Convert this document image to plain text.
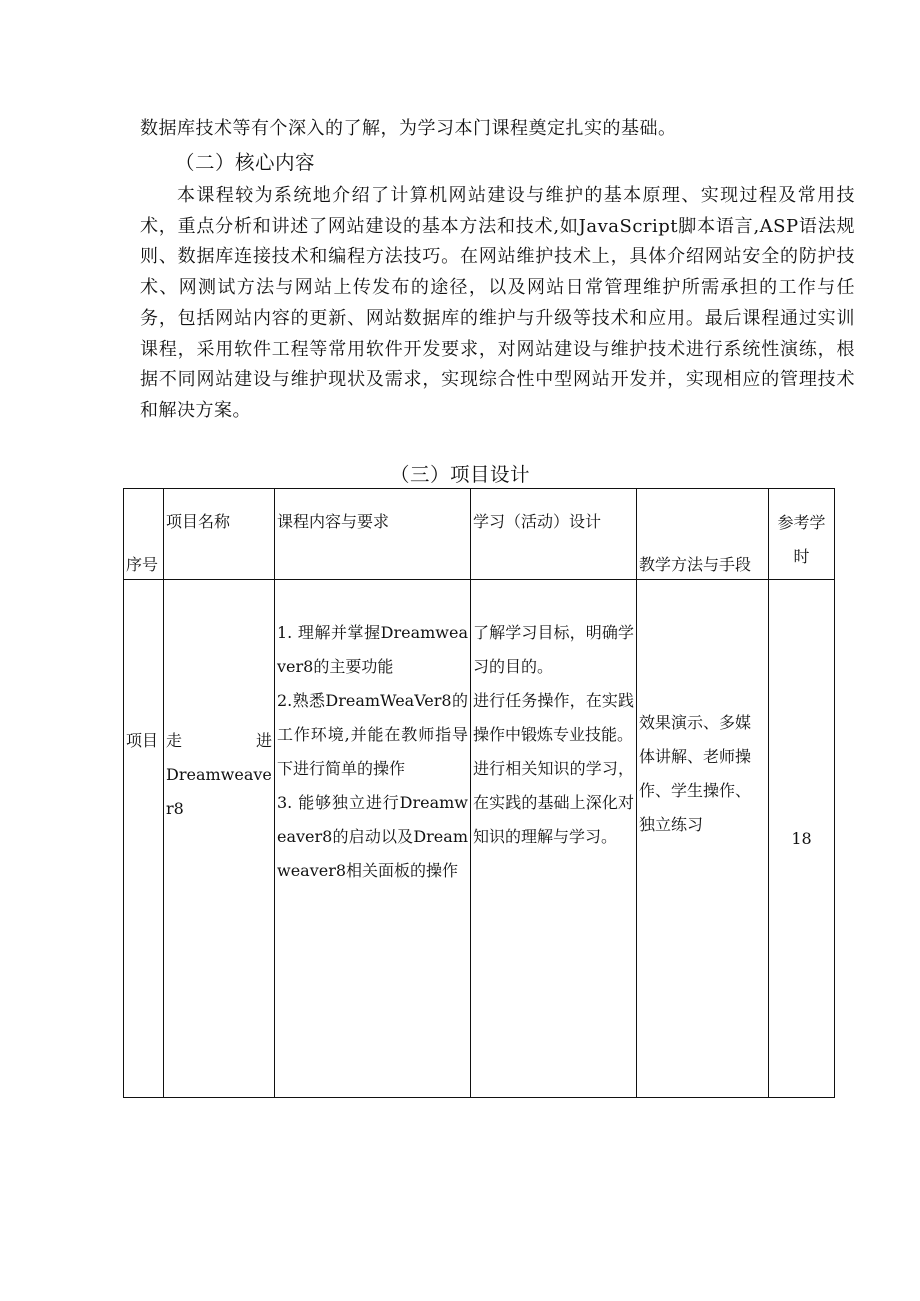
数据库技术等有个深入的了解，为学习本门课程奠定扎实的基础。
（二）核心内容
本课程较为系统地介绍了计算机网站建设与维护的基本原理、实现过程及常用技术，重点分析和讲述了网站建设的基本方法和技术,如JavaScript脚本语言,ASP语法规则、数据库连接技术和编程方法技巧。在网站维护技术上，具体介绍网站安全的防护技术、网测试方法与网站上传发布的途径，以及网站日常管理维护所需承担的工作与任务，包括网站内容的更新、网站数据库的维护与升级等技术和应用。最后课程通过实训课程，采用软件工程等常用软件开发要求，对网站建设与维护技术进行系统性演练，根据不同网站建设与维护现状及需求，实现综合性中型网站开发并，实现相应的管理技术和解决方案。
（三）项目设计
序号	项目名称	课程内容与要求	学习（活动）设计	教学方法与手段	参考学时
项目	走进
Dreamweaver8	1. 理解并掌握Dreamweaver8的主要功能
2.熟悉DreamWeaVer8的工作环境,并能在教师指导下进行简单的操作
3. 能够独立进行Dreamweaver8的启动以及Dreamweaver8相关面板的操作	了解学习目标，明确学习的目的。
进行任务操作，在实践操作中锻炼专业技能。
进行相关知识的学习，在实践的基础上深化对知识的理解与学习。	效果演示、多媒体讲解、老师操作、学生操作、独立练习	18
